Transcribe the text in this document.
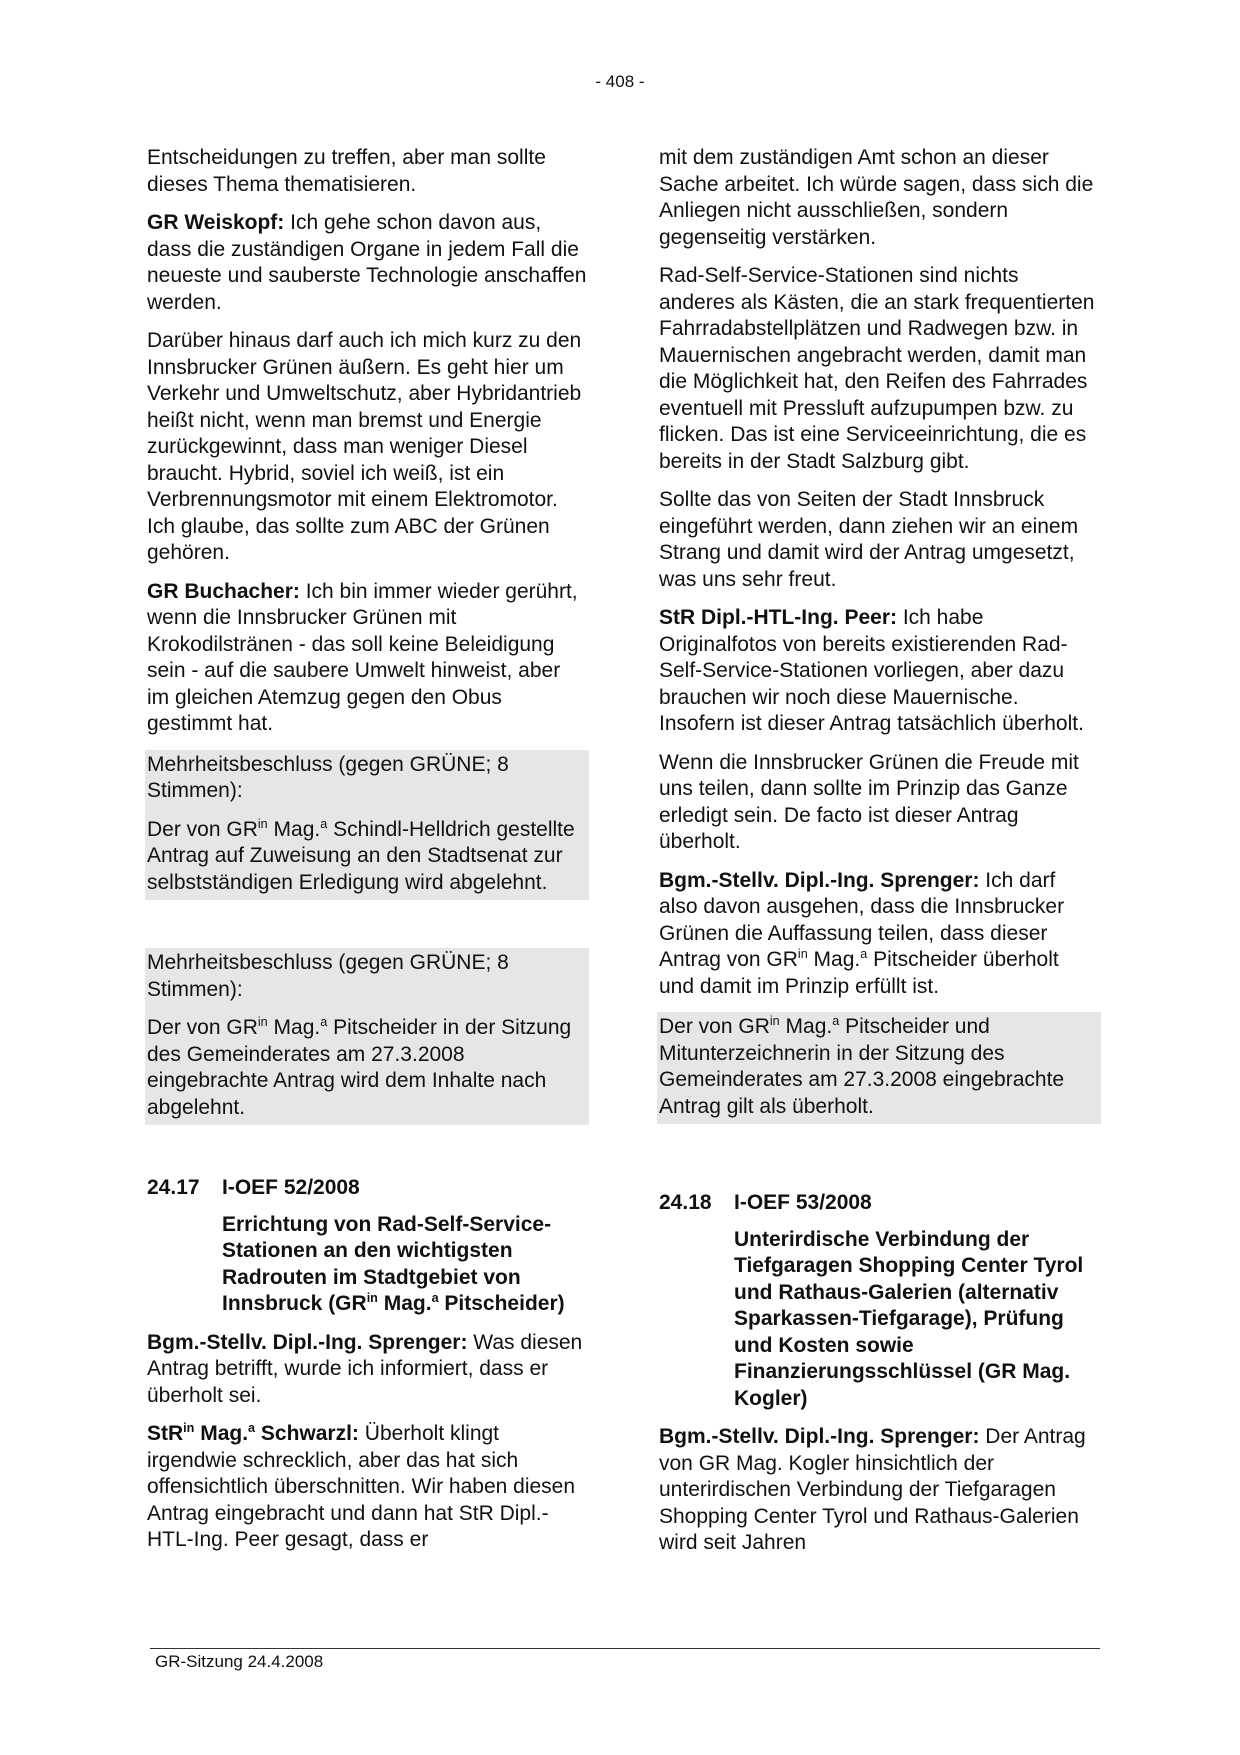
- 408 -

Entscheidungen zu treffen, aber man sollte dieses Thema thematisieren.

GR Weiskopf: Ich gehe schon davon aus, dass die zuständigen Organe in jedem Fall die neueste und sauberste Technologie anschaffen werden.

Darüber hinaus darf auch ich mich kurz zu den Innsbrucker Grünen äußern. Es geht hier um Verkehr und Umweltschutz, aber Hybridantrieb heißt nicht, wenn man bremst und Energie zurückgewinnt, dass man weniger Diesel braucht. Hybrid, soviel ich weiß, ist ein Verbrennungsmotor mit einem Elektromotor. Ich glaube, das sollte zum ABC der Grünen gehören.

GR Buchacher: Ich bin immer wieder gerührt, wenn die Innsbrucker Grünen mit Krokodilstränen - das soll keine Beleidigung sein - auf die saubere Umwelt hinweist, aber im gleichen Atemzug gegen den Obus gestimmt hat.

Mehrheitsbeschluss (gegen GRÜNE; 8 Stimmen):

Der von $GR^{in}$ Mag.$^a$ Schindl-Helldrich gestellte Antrag auf Zuweisung an den Stadtsenat zur selbstständigen Erledigung wird abgelehnt.

Mehrheitsbeschluss (gegen GRÜNE; 8 Stimmen):

Der von $GR^{in}$ Mag.$^a$ Pitscheider in der Sitzung des Gemeinderates am 27.3.2008 eingebrachte Antrag wird dem Inhalte nach abgelehnt.

24.17 I-OEF 52/2008

Errichtung von Rad-Self-Service-Stationen an den wichtigsten Radrouten im Stadtgebiet von Innsbruck ($GR^{in}$ Mag.$^a$ Pitscheider)

Bgm.-Stellv. Dipl.-Ing. Sprenger: Was diesen Antrag betrifft, wurde ich informiert, dass er überholt sei.

StR$^{in}$ Mag.$^a$ Schwarzl: Überholt klingt irgendwie schrecklich, aber das hat sich offensichtlich überschnitten. Wir haben diesen Antrag eingebracht und dann hat StR Dipl.-HTL-Ing. Peer gesagt, dass er

mit dem zuständigen Amt schon an dieser Sache arbeitet. Ich würde sagen, dass sich die Anliegen nicht ausschließen, sondern gegenseitig verstärken.

Rad-Self-Service-Stationen sind nichts anderes als Kästen, die an stark frequentierten Fahrradabstellplätzen und Radwegen bzw. in Mauernischen angebracht werden, damit man die Möglichkeit hat, den Reifen des Fahrrades eventuell mit Pressluft aufzupumpen bzw. zu flicken. Das ist eine Serviceeinrichtung, die es bereits in der Stadt Salzburg gibt.

Sollte das von Seiten der Stadt Innsbruck eingeführt werden, dann ziehen wir an einem Strang und damit wird der Antrag umgesetzt, was uns sehr freut.

StR Dipl.-HTL-Ing. Peer: Ich habe Originalfotos von bereits existierenden Rad-Self-Service-Stationen vorliegen, aber dazu brauchen wir noch diese Mauernische. Insofern ist dieser Antrag tatsächlich überholt.

Wenn die Innsbrucker Grünen die Freude mit uns teilen, dann sollte im Prinzip das Ganze erledigt sein. De facto ist dieser Antrag überholt.

Bgm.-Stellv. Dipl.-Ing. Sprenger: Ich darf also davon ausgehen, dass die Innsbrucker Grünen die Auffassung teilen, dass dieser Antrag von $GR^{in}$ Mag.$^a$ Pitscheider überholt und damit im Prinzip erfüllt ist.

Der von $GR^{in}$ Mag.$^a$ Pitscheider und Mitunterzeichnerin in der Sitzung des Gemeinderates am 27.3.2008 eingebrachte Antrag gilt als überholt.

24.18 I-OEF 53/2008

Unterirdische Verbindung der Tiefgaragen Shopping Center Tyrol und Rathaus-Galerien (alternativ Sparkassen-Tiefgarage), Prüfung und Kosten sowie Finanzierungsschlüssel (GR Mag. Kogler)

Bgm.-Stellv. Dipl.-Ing. Sprenger: Der Antrag von GR Mag. Kogler hinsichtlich der unterirdischen Verbindung der Tiefgaragen Shopping Center Tyrol und Rathaus-Galerien wird seit Jahren

GR-Sitzung 24.4.2008
